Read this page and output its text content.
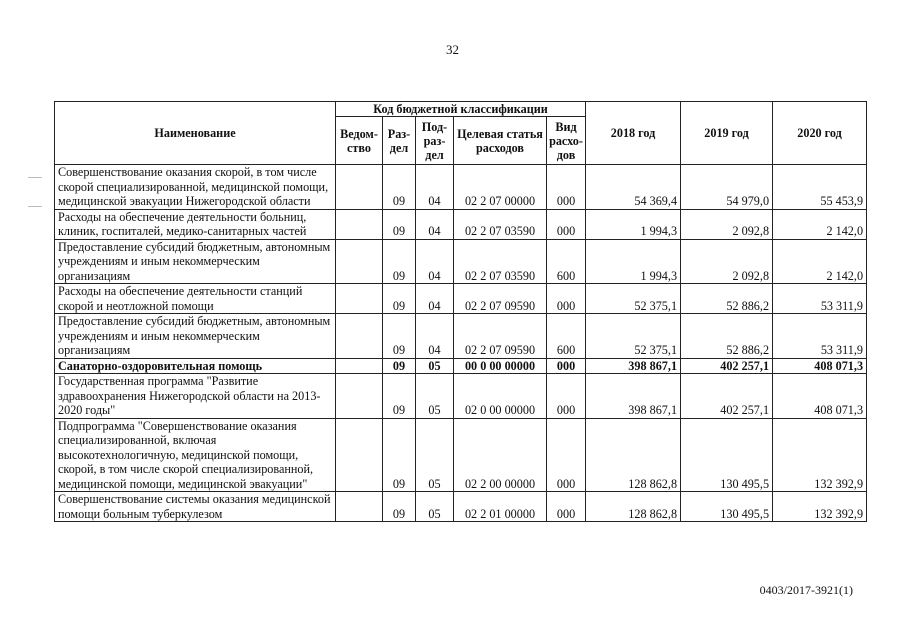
32
Наименование	Код бюджетной классификации					2018 год	2019 год	2020 год
	Ведом-ство	Раз-дел	Под-раз-дел	Целевая статья расходов	Вид расхо-дов			
Совершенствование оказания скорой, в том числе скорой специализированной, медицинской помощи, медицинской эвакуации Нижегородской области		09	04	02 2 07 00000	000	54 369,4	54 979,0	55 453,9
Расходы на обеспечение деятельности больниц, клиник, госпиталей, медико-санитарных частей		09	04	02 2 07 03590	000	1 994,3	2 092,8	2 142,0
Предоставление субсидий бюджетным, автономным учреждениям и иным некоммерческим организациям		09	04	02 2 07 03590	600	1 994,3	2 092,8	2 142,0
Расходы на обеспечение деятельности станций скорой и неотложной помощи		09	04	02 2 07 09590	000	52 375,1	52 886,2	53 311,9
Предоставление субсидий бюджетным, автономным учреждениям и иным некоммерческим организациям		09	04	02 2 07 09590	600	52 375,1	52 886,2	53 311,9
Санаторно-оздоровительная помощь		09	05	00 0 00 00000	000	398 867,1	402 257,1	408 071,3
Государственная программа "Развитие здравоохранения Нижегородской области на 2013-2020 годы"		09	05	02 0 00 00000	000	398 867,1	402 257,1	408 071,3
Подпрограмма "Совершенствование оказания специализированной, включая высокотехнологичную, медицинской помощи, скорой, в том числе скорой специализированной, медицинской помощи, медицинской эвакуации"		09	05	02 2 00 00000	000	128 862,8	130 495,5	132 392,9
Совершенствование системы оказания медицинской помощи больным туберкулезом		09	05	02 2 01 00000	000	128 862,8	130 495,5	132 392,9
0403/2017-3921(1)
